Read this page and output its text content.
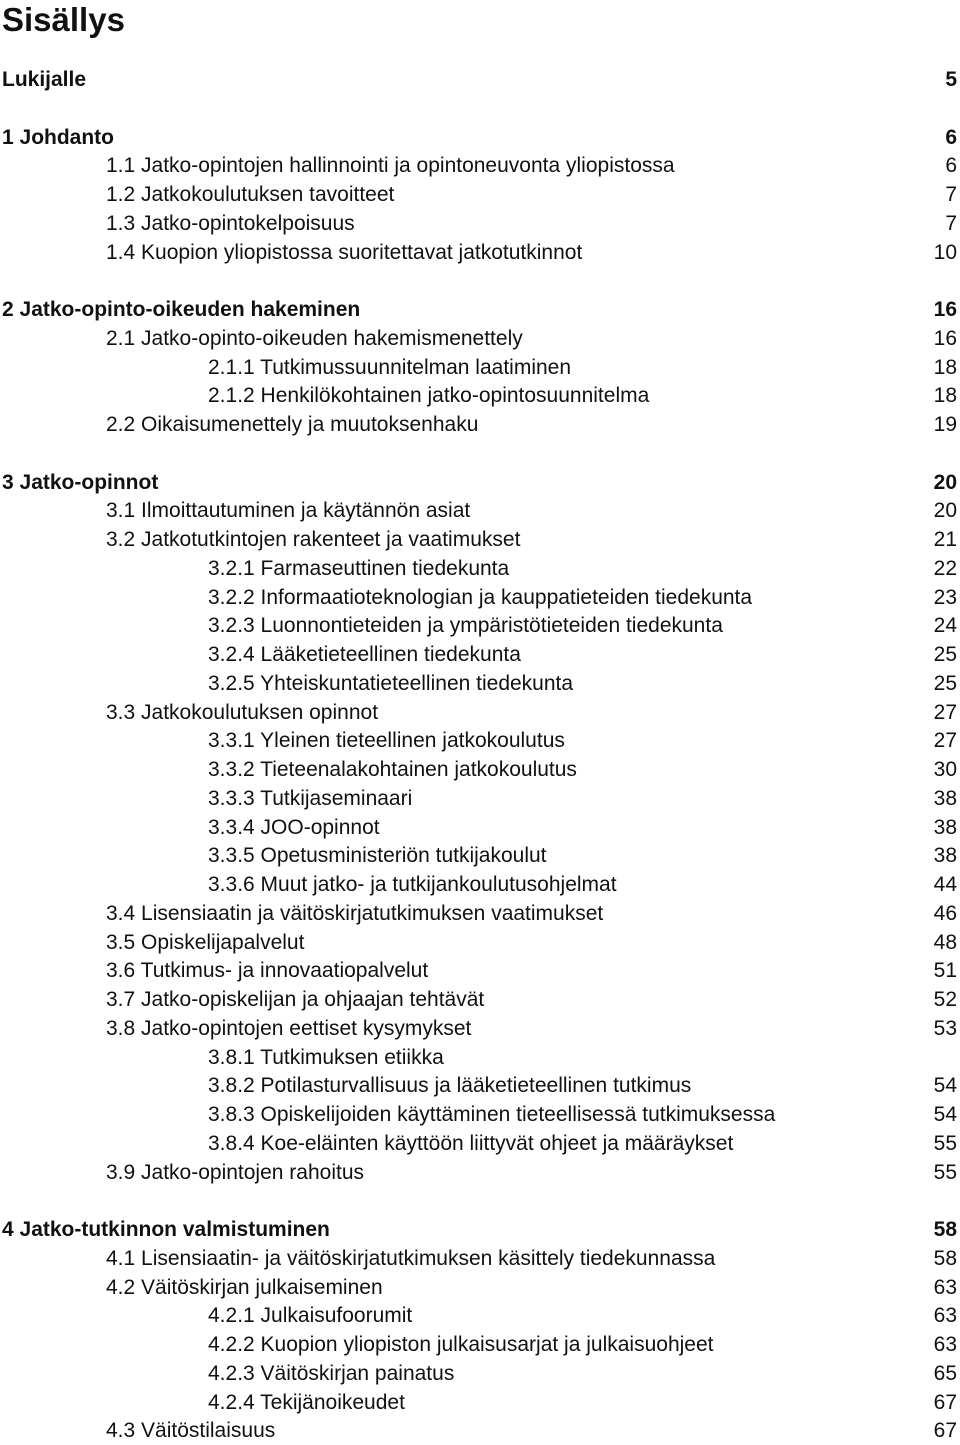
Sisällys
Lukijalle	5
1 Johdanto	6
1.1 Jatko-opintojen hallinnointi ja opintoneuvonta yliopistossa	6
1.2 Jatkokoulutuksen tavoitteet	7
1.3 Jatko-opintokelpoisuus	7
1.4 Kuopion yliopistossa suoritettavat jatkotutkinnot	10
2 Jatko-opinto-oikeuden hakeminen	16
2.1 Jatko-opinto-oikeuden hakemismenettely	16
2.1.1 Tutkimussuunnitelman laatiminen	18
2.1.2 Henkilökohtainen jatko-opintosuunnitelma	18
2.2 Oikaisumenettely ja muutoksenhaku	19
3 Jatko-opinnot	20
3.1 Ilmoittautuminen ja käytännön asiat	20
3.2 Jatkotutkintojen rakenteet ja vaatimukset	21
3.2.1 Farmaseuttinen tiedekunta	22
3.2.2 Informaatioteknologian ja kauppatieteiden tiedekunta	23
3.2.3 Luonnontieteiden ja ympäristötieteiden tiedekunta	24
3.2.4 Lääketieteellinen tiedekunta	25
3.2.5 Yhteiskuntatieteellinen tiedekunta	25
3.3 Jatkokoulutuksen opinnot	27
3.3.1 Yleinen tieteellinen jatkokoulutus	27
3.3.2 Tieteenalakohtainen jatkokoulutus	30
3.3.3 Tutkijaseminaari	38
3.3.4 JOO-opinnot	38
3.3.5 Opetusministeriön tutkijakoulut	38
3.3.6 Muut jatko- ja tutkijankoulutusohjelmat	44
3.4 Lisensiaatin ja väitöskirjatutkimuksen vaatimukset	46
3.5 Opiskelijapalvelut	48
3.6 Tutkimus- ja innovaatiopalvelut	51
3.7 Jatko-opiskelijan ja ohjaajan tehtävät	52
3.8 Jatko-opintojen eettiset kysymykset	53
3.8.1 Tutkimuksen etiikka
3.8.2 Potilasturvallisuus ja lääketieteellinen tutkimus	54
3.8.3 Opiskelijoiden käyttäminen tieteellisessä tutkimuksessa	54
3.8.4 Koe-eläinten käyttöön liittyvät ohjeet ja määräykset	55
3.9 Jatko-opintojen rahoitus	55
4 Jatko-tutkinnon valmistuminen	58
4.1 Lisensiaatin- ja väitöskirjatutkimuksen käsittely tiedekunnassa	58
4.2 Väitöskirjan julkaiseminen	63
4.2.1 Julkaisufoorumit	63
4.2.2 Kuopion yliopiston julkaisusarjat ja julkaisuohjeet	63
4.2.3 Väitöskirjan painatus	65
4.2.4 Tekijänoikeudet	67
4.3 Väitöstilaisuus	67
